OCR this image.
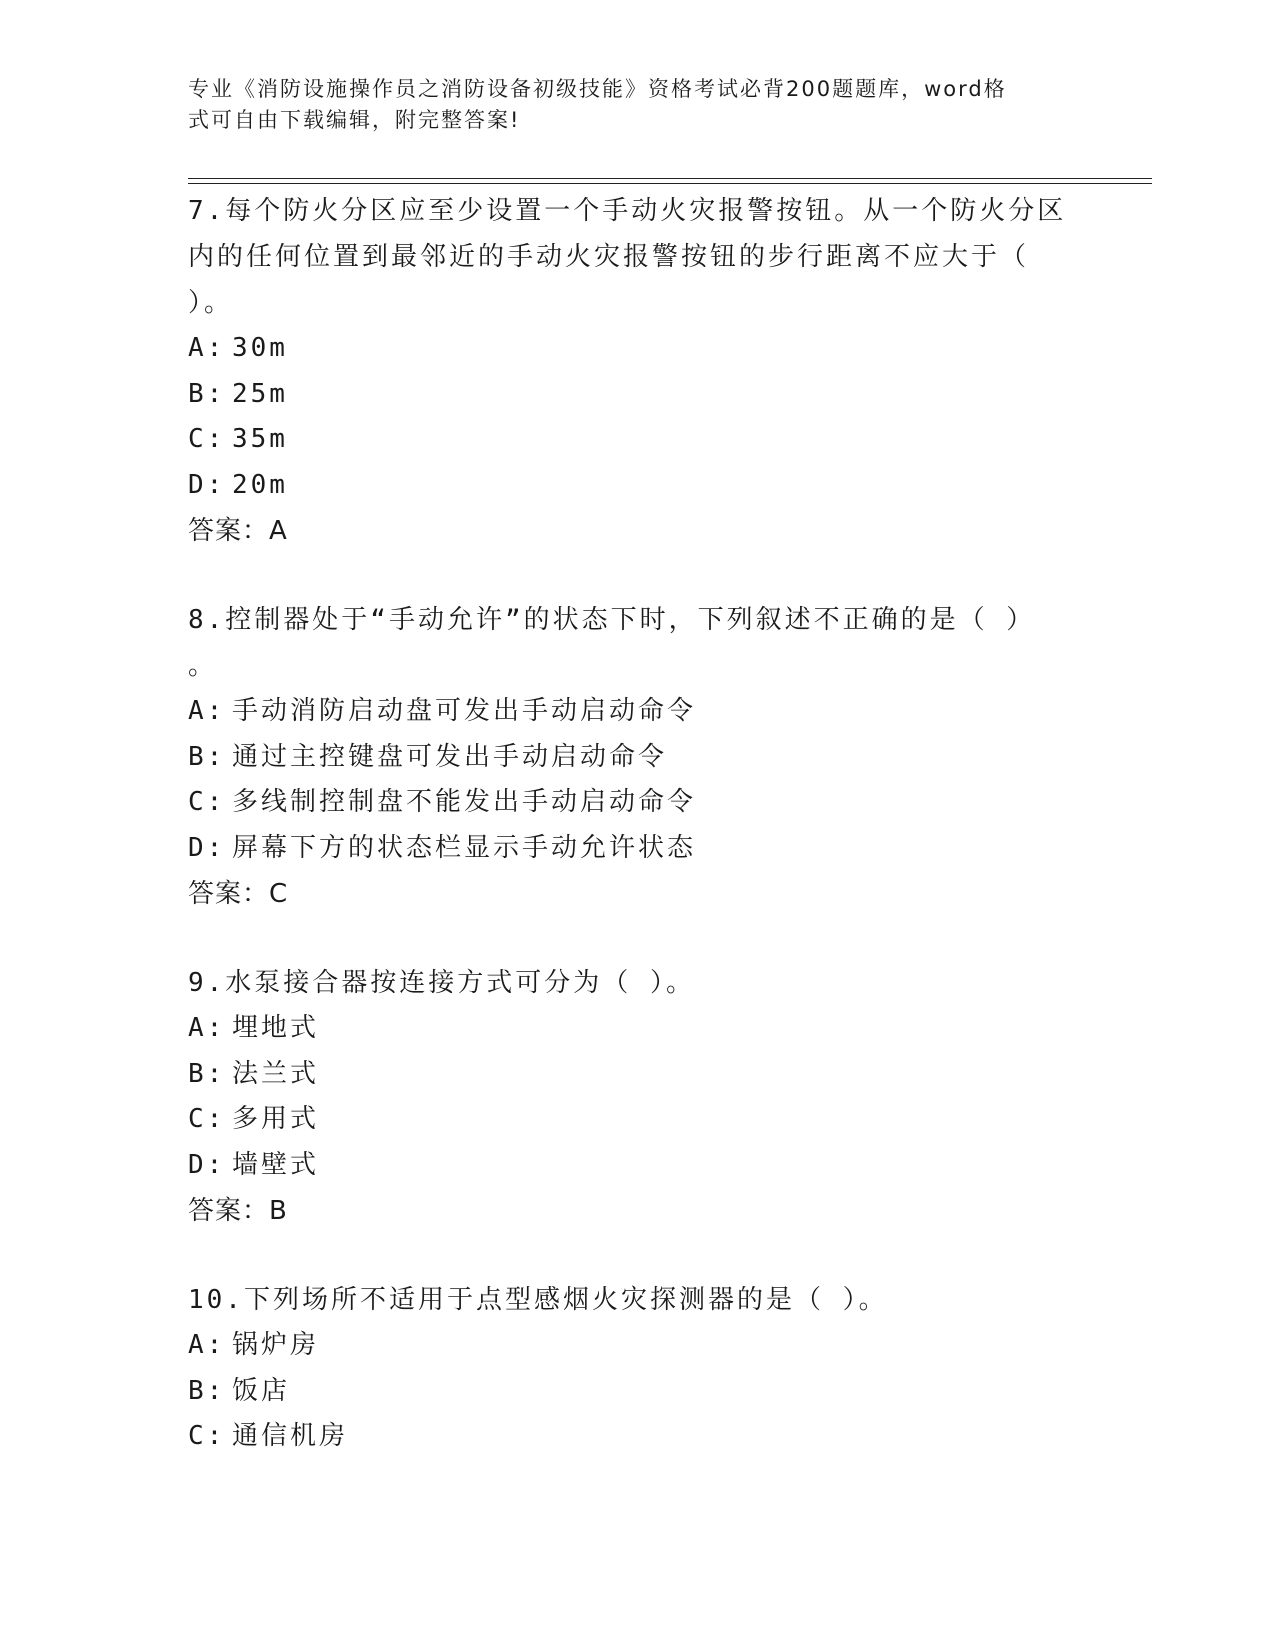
专业《消防设施操作员之消防设备初级技能》资格考试必背200题题库，word格
式可自由下载编辑，附完整答案!

7.每个防火分区应至少设置一个手动火灾报警按钮。从一个防火分区

内的任何位置到最邻近的手动火灾报警按钮的步行距离不应大于（

）。

A: 30m

B: 25m

C: 35m

D: 20m

答案：A

8.控制器处于“手动允许”的状态下时，下列叙述不正确的是（ ）

。

A: 手动消防启动盘可发出手动启动命令

B: 通过主控键盘可发出手动启动命令

C: 多线制控制盘不能发出手动启动命令

D: 屏幕下方的状态栏显示手动允许状态

答案：C

9.水泵接合器按连接方式可分为（ ）。

A: 埋地式

B: 法兰式

C: 多用式

D: 墙壁式

答案：B

10.下列场所不适用于点型感烟火灾探测器的是（ ）。

A: 锅炉房

B: 饭店

C: 通信机房
